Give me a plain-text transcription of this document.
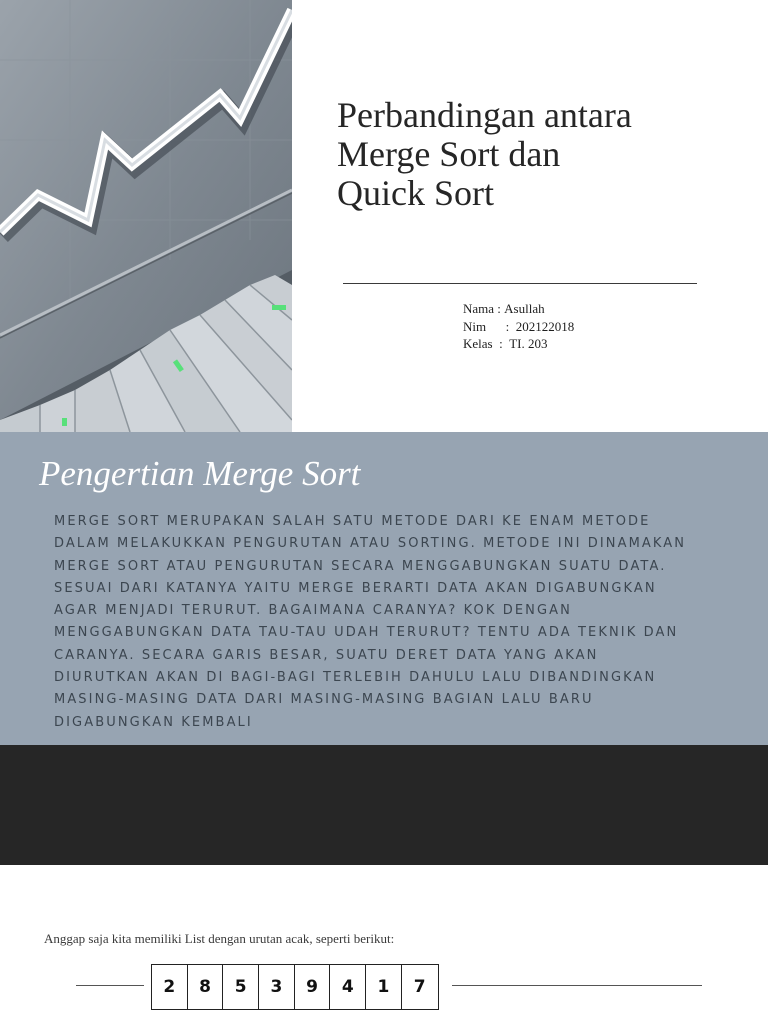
Perbandingan antara
Merge Sort dan
Quick Sort
Nama : Asullah
Nim : 202122018
Kelas : TI. 203
Pengertian Merge Sort
MERGE SORT MERUPAKAN SALAH SATU METODE DARI KE ENAM METODE DALAM MELAKUKKAN PENGURUTAN ATAU SORTING. METODE INI DINAMAKAN MERGE SORT ATAU PENGURUTAN SECARA MENGGABUNGKAN SUATU DATA. SESUAI DARI KATANYA YAITU MERGE BERARTI DATA AKAN DIGABUNGKAN AGAR MENJADI TERURUT. BAGAIMANA CARANYA? KOK DENGAN MENGGABUNGKAN DATA TAU-TAU UDAH TERURUT? TENTU ADA TEKNIK DAN CARANYA. SECARA GARIS BESAR, SUATU DERET DATA YANG AKAN DIURUTKAN AKAN DI BAGI-BAGI TERLEBIH DAHULU LALU DIBANDINGKAN MASING-MASING DATA DARI MASING-MASING BAGIAN LALU BARU DIGABUNGKAN KEMBALI
Anggap saja kita memiliki List dengan urutan acak, seperti berikut:
2	8	5	3	9	4	1	7
